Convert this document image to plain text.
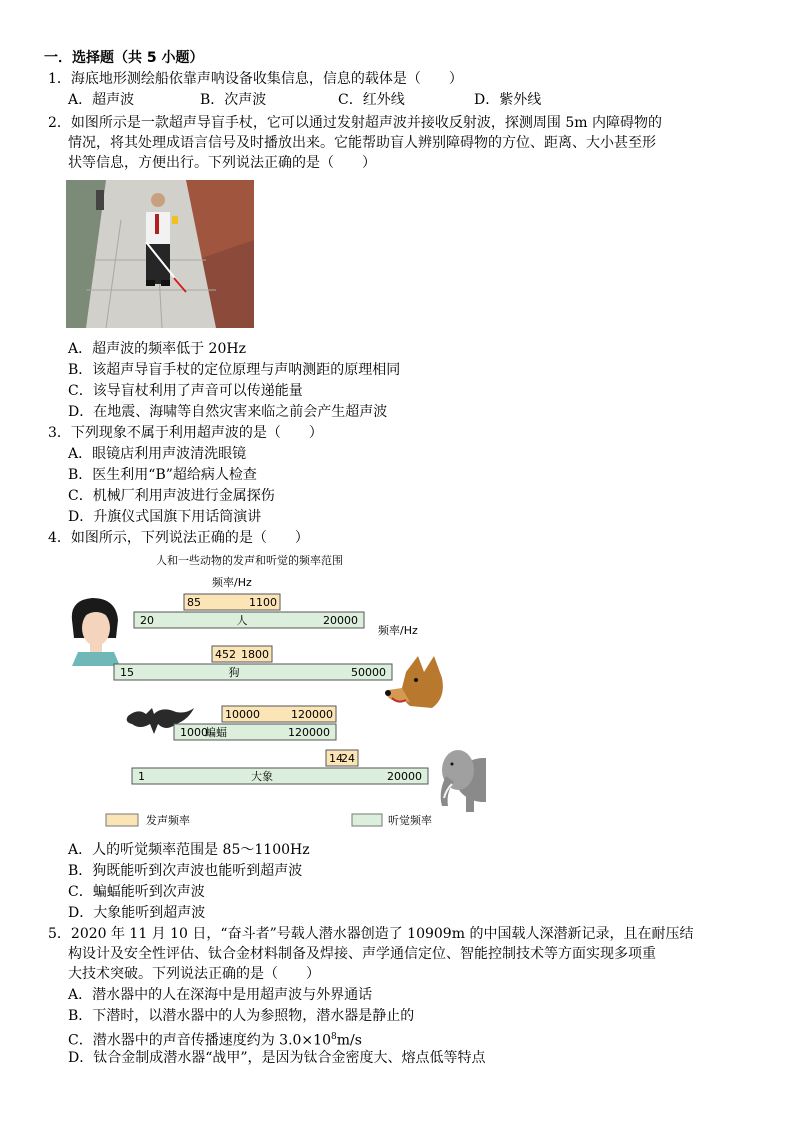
一．选择题（共 5 小题）
1．海底地形测绘船依靠声呐设备收集信息，信息的载体是（　　）
A．超声波	B．次声波	C．红外线	D．紫外线
2．如图所示是一款超声导盲手杖，它可以通过发射超声波并接收反射波，探测周围 5m 内障碍物的
情况，将其处理成语言信号及时播放出来。它能帮助盲人辨别障碍物的方位、距离、大小甚至形
状等信息，方便出行。下列说法正确的是（　　）
A．超声波的频率低于 20Hz
B．该超声导盲手杖的定位原理与声呐测距的原理相同
C．该导盲杖利用了声音可以传递能量
D．在地震、海啸等自然灾害来临之前会产生超声波
3．下列现象不属于利用超声波的是（　　）
A．眼镜店利用声波清洗眼镜
B．医生利用“B”超给病人检查
C．机械厂利用声波进行金属探伤
D．升旗仪式国旗下用话筒演讲
4．如图所示，下列说法正确的是（　　）
人和一些动物的发声和听觉的频率范围
频率/Hz
频率/Hz
85	1100
20	20000
人
452 1800
15	50000
狗
10000	120000
1000	120000
蝙蝠
14
24
1	20000
大象
发声频率	听觉频率
A．人的听觉频率范围是 85～1100Hz
B．狗既能听到次声波也能听到超声波
C．蝙蝠能听到次声波
D．大象能听到超声波
5．2020 年 11 月 10 日，“奋斗者”号载人潜水器创造了 10909m 的中国载人深潜新记录，且在耐压结
构设计及安全性评估、钛合金材料制备及焊接、声学通信定位、智能控制技术等方面实现多项重
大技术突破。下列说法正确的是（　　）
A．潜水器中的人在深海中是用超声波与外界通话
B．下潜时，以潜水器中的人为参照物，潜水器是静止的
C．潜水器中的声音传播速度约为 $3.0\times 10^8m/s$
D．钛合金制成潜水器“战甲”，是因为钛合金密度大、熔点低等特点
